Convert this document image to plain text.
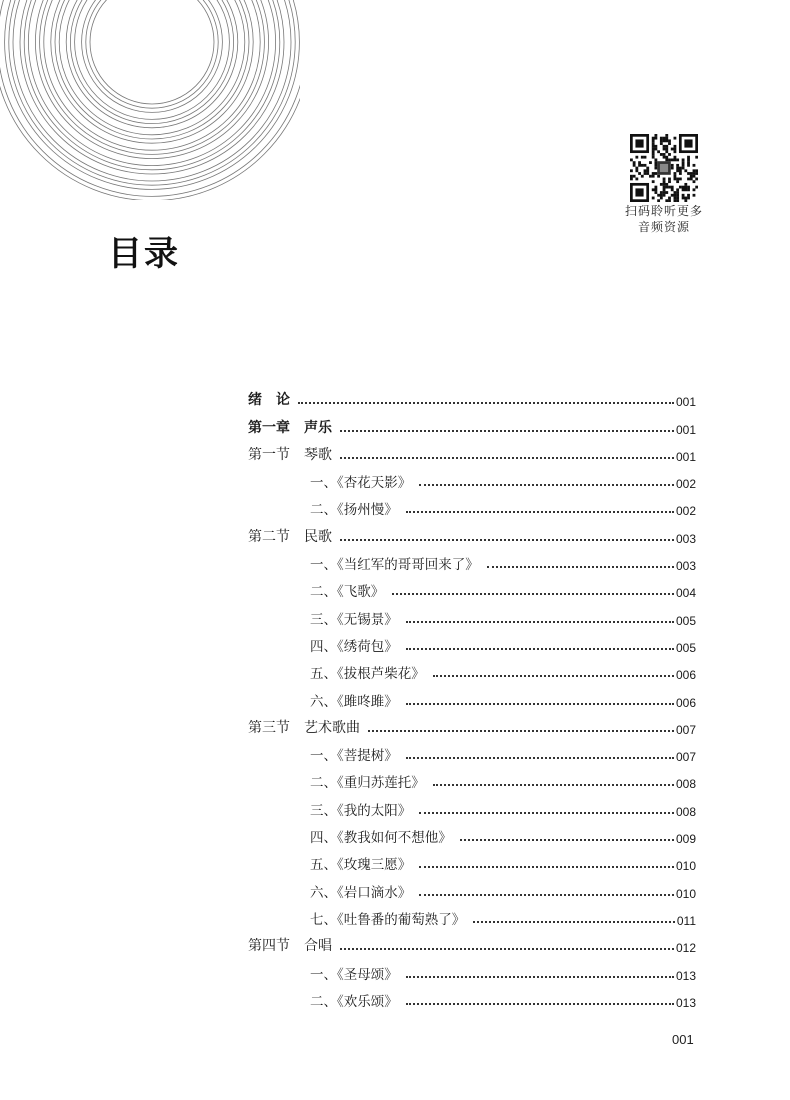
扫码聆听更多
音频资源
目录
绪　论	001
第一章　声乐	001
第一节　琴歌	001
一、《杏花天影》	002
二、《扬州慢》	002
第二节　民歌	003
一、《当红军的哥哥回来了》	003
二、《飞歌》	004
三、《无锡景》	005
四、《绣荷包》	005
五、《拔根芦柴花》	006
六、《雎咚雎》	006
第三节　艺术歌曲	007
一、《菩提树》	007
二、《重归苏莲托》	008
三、《我的太阳》	008
四、《教我如何不想他》	009
五、《玫瑰三愿》	010
六、《岩口滴水》	010
七、《吐鲁番的葡萄熟了》	011
第四节　合唱	012
一、《圣母颂》	013
二、《欢乐颂》	013
001
